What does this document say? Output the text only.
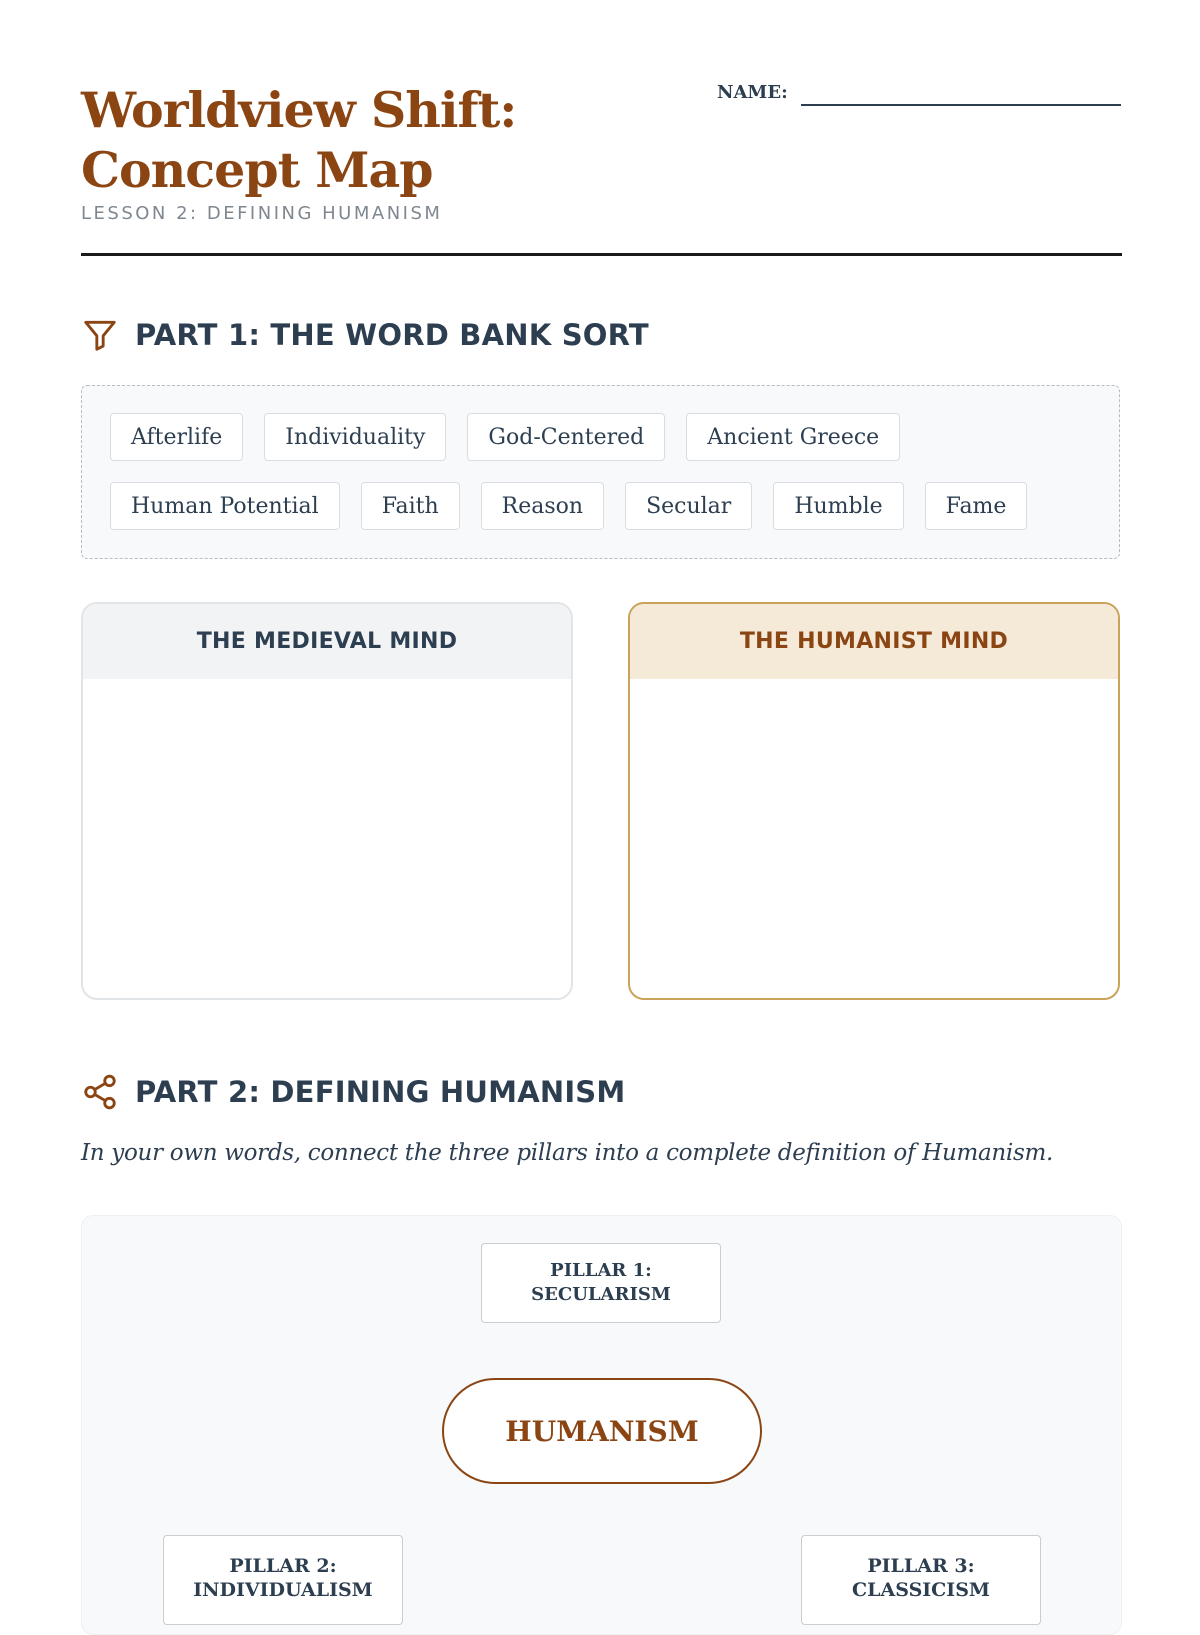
Worldview Shift: Concept Map
LESSON 2: DEFINING HUMANISM
NAME:
PART 1: THE WORD BANK SORT
Afterlife	Individuality	God-Centered	Ancient Greece
Human Potential	Faith	Reason	Secular	Humble	Fame
THE MEDIEVAL MIND	THE HUMANIST MIND
PART 2: DEFINING HUMANISM
In your own words, connect the three pillars into a complete definition of Humanism.
PILLAR 1: SECULARISM
HUMANISM
PILLAR 2:
INDIVIDUALISM
PILLAR 3:
CLASSICISM
